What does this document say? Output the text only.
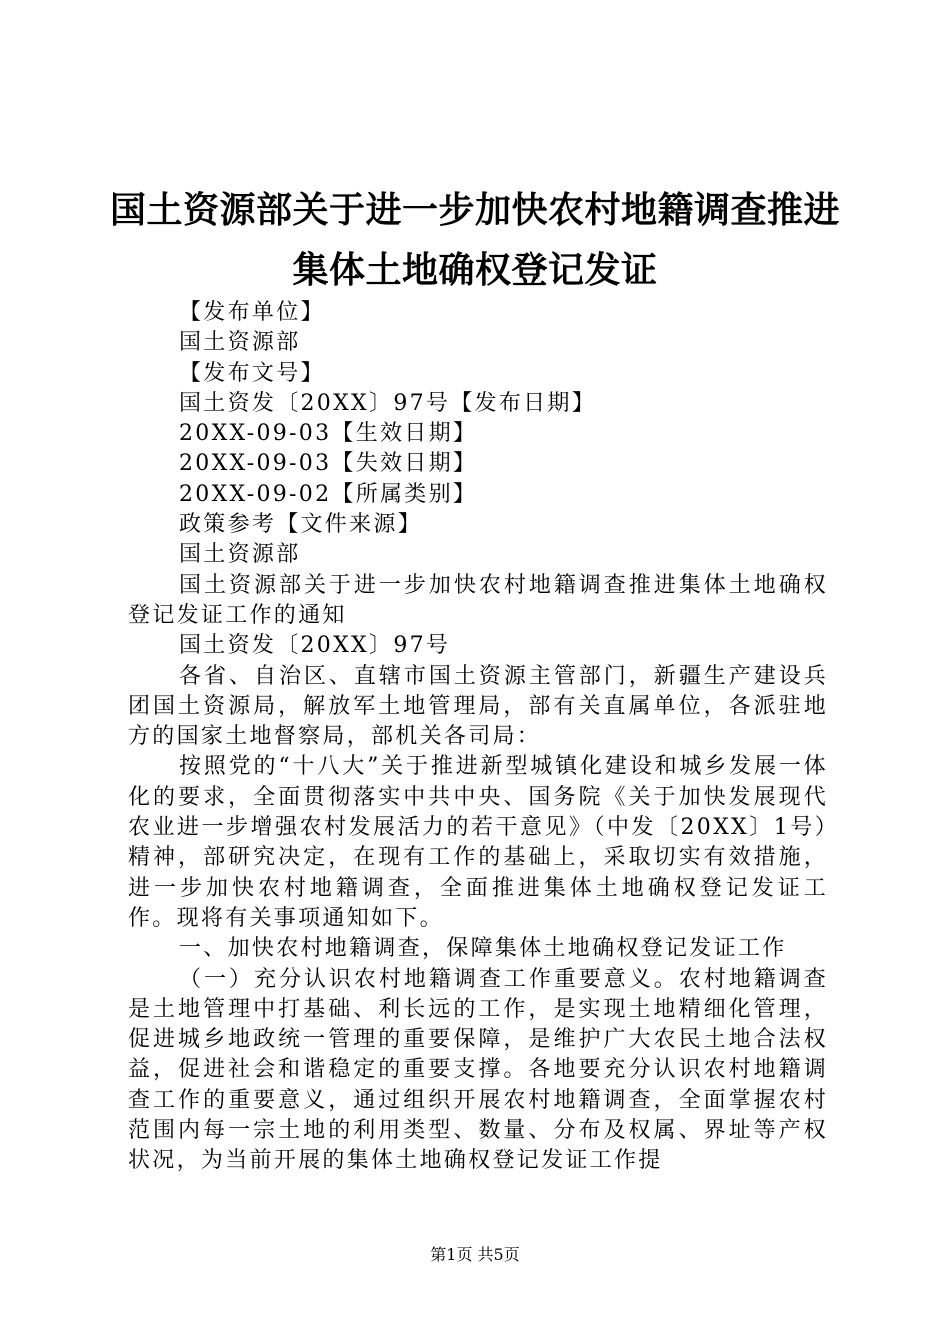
国土资源部关于进一步加快农村地籍调查推进
集体土地确权登记发证
【发布单位】
国土资源部
【发布文号】
国土资发〔20XX〕97号【发布日期】
20XX-09-03【生效日期】
20XX-09-03【失效日期】
20XX-09-02【所属类别】
政策参考【文件来源】
国土资源部
国土资源部关于进一步加快农村地籍调查推进集体土地确权登记发证工作的通知
国土资发〔20XX〕97号
各省、自治区、直辖市国土资源主管部门，新疆生产建设兵团国土资源局，解放军土地管理局，部有关直属单位，各派驻地方的国家土地督察局，部机关各司局：
按照党的“十八大”关于推进新型城镇化建设和城乡发展一体化的要求，全面贯彻落实中共中央、国务院《关于加快发展现代农业进一步增强农村发展活力的若干意见》（中发〔20XX〕1号）精神，部研究决定，在现有工作的基础上，采取切实有效措施，进一步加快农村地籍调查，全面推进集体土地确权登记发证工作。现将有关事项通知如下。
一、加快农村地籍调查，保障集体土地确权登记发证工作
（一）充分认识农村地籍调查工作重要意义。农村地籍调查是土地管理中打基础、利长远的工作，是实现土地精细化管理，促进城乡地政统一管理的重要保障，是维护广大农民土地合法权益，促进社会和谐稳定的重要支撑。各地要充分认识农村地籍调查工作的重要意义，通过组织开展农村地籍调查，全面掌握农村范围内每一宗土地的利用类型、数量、分布及权属、界址等产权状况，为当前开展的集体土地确权登记发证工作提
第1页 共5页
